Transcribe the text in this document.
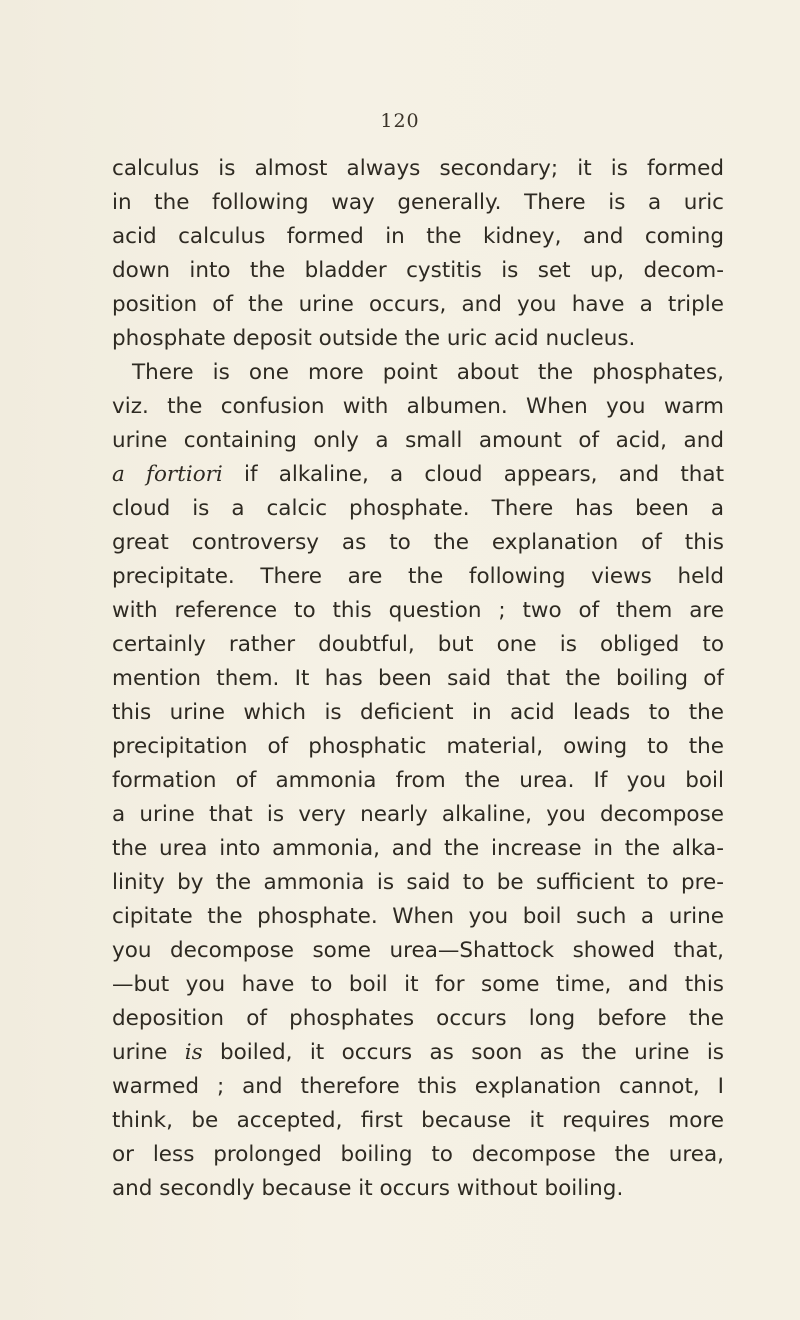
120
calculus is almost always secondary; it is formed
in the following way generally. There is a uric
acid calculus formed in the kidney, and coming
down into the bladder cystitis is set up, decom-
position of the urine occurs, and you have a triple
phosphate deposit outside the uric acid nucleus.
There is one more point about the phosphates,
viz. the confusion with albumen. When you warm
urine containing only a small amount of acid, and
a fortiori if alkaline, a cloud appears, and that
cloud is a calcic phosphate. There has been a
great controversy as to the explanation of this
precipitate. There are the following views held
with reference to this question ; two of them are
certainly rather doubtful, but one is obliged to
mention them. It has been said that the boiling of
this urine which is deficient in acid leads to the
precipitation of phosphatic material, owing to the
formation of ammonia from the urea. If you boil
a urine that is very nearly alkaline, you decompose
the urea into ammonia, and the increase in the alka-
linity by the ammonia is said to be sufficient to pre-
cipitate the phosphate. When you boil such a urine
you decompose some urea—Shattock showed that,
—but you have to boil it for some time, and this
deposition of phosphates occurs long before the
urine is boiled, it occurs as soon as the urine is
warmed ; and therefore this explanation cannot, I
think, be accepted, first because it requires more
or less prolonged boiling to decompose the urea,
and secondly because it occurs without boiling.
